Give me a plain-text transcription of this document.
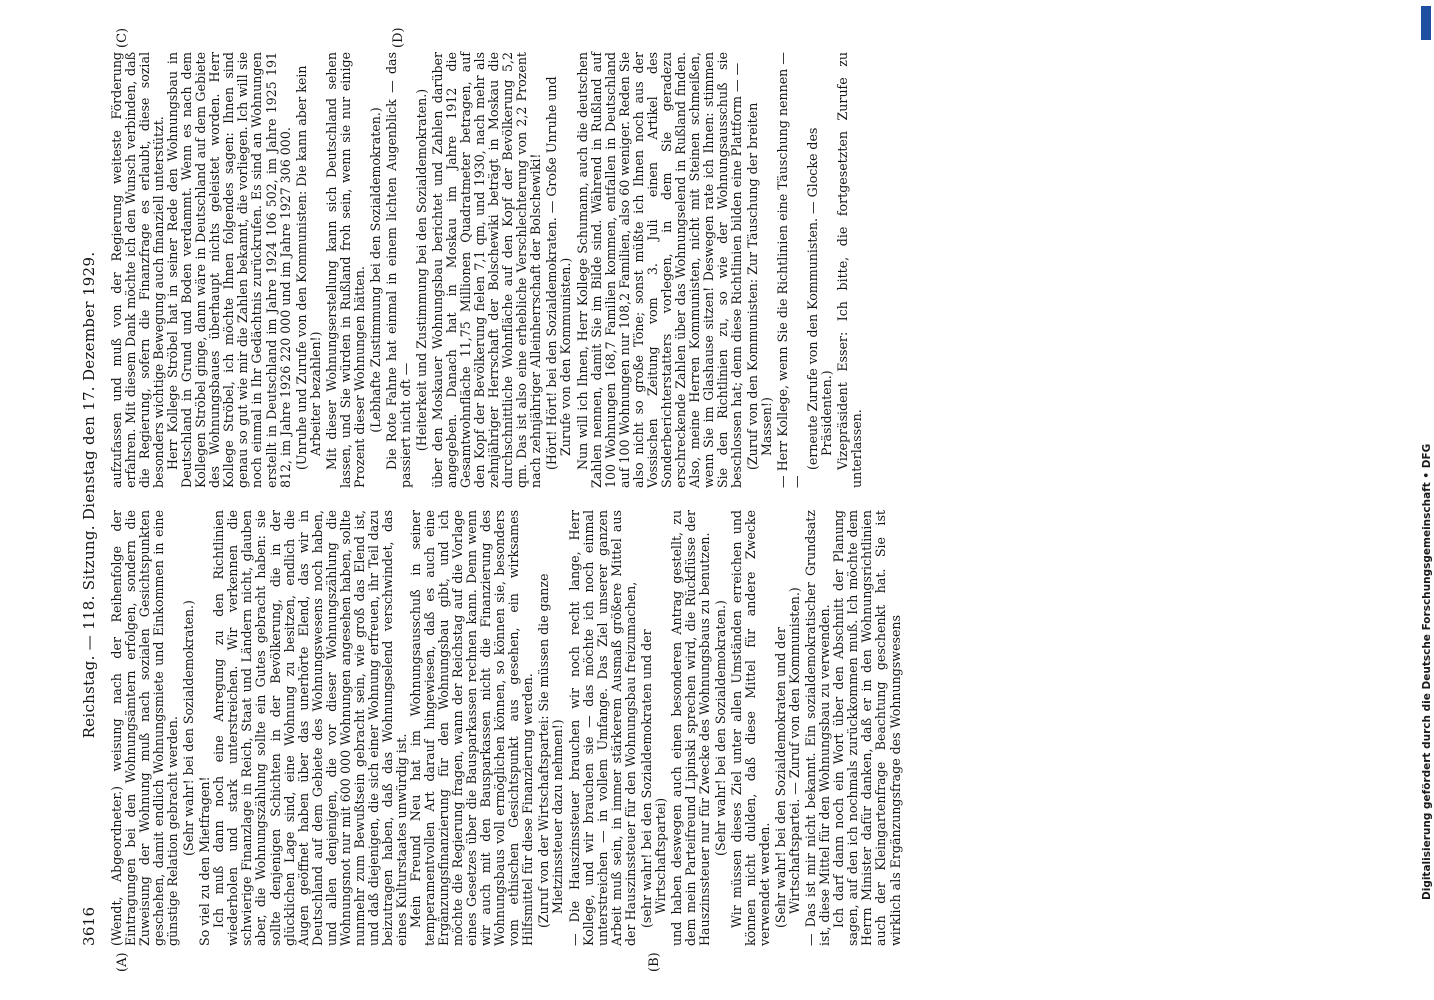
3616
Reichstag. — 118. Sitzung. Dienstag den 17. Dezember 1929.
(A)	(B)

(Wendt, Abgeordneter.) weisung nach der Reihenfolge der Eintragungen bei den Wohnungsämtern erfolgen, sondern die Zuweisung der Wohnung muß nach sozialen Gesichtspunkten geschehen, damit endlich Wohnungsmiete und Einkommen in eine günstige Relation gebracht werden. (Sehr wahr! bei den Sozialdemokraten.)

So viel zu den Mietfragen! Ich muß dann noch eine Anregung zu den Richtlinien wiederholen und stark unterstreichen. Wir verkennen die schwierige Finanzlage in Reich, Staat und Ländern nicht, glauben aber, die Wohnungszählung sollte ein Gutes gebracht haben: sie sollte denjenigen Schichten in der Bevölkerung, die in der glücklichen Lage sind, eine Wohnung zu besitzen, endlich die Augen geöffnet haben über das unerhörte Elend, das wir in Deutschland auf dem Gebiete des Wohnungswesens noch haben, und allen denjenigen, die vor dieser Wohnungszählung die Wohnungsnot nur mit 600 000 Wohnungen angesehen haben, sollte nunmehr zum Bewußtsein gebracht sein, wie groß das Elend ist, und daß diejenigen, die sich einer Wohnung erfreuen, ihr Teil dazu beizutragen haben, daß das Wohnungselend verschwindet, das eines Kulturstaates unwürdig ist. Mein Freund Neu hat im Wohnungsausschuß in seiner temperamentvollen Art darauf hingewiesen, daß es auch eine Ergänzungsfinanzierung für den Wohnungsbau gibt, und ich möchte die Regierung fragen, wann der Reichstag auf die Vorlage eines Gesetzes über die Bausparkassen rechnen kann. Denn wenn wir auch mit den Bausparkassen nicht die Finanzierung des Wohnungsbaus voll ermöglichen können, so können sie, besonders vom ethischen Gesichtspunkt aus gesehen, ein wirksames Hilfsmittel für diese Finanzierung werden. (Zuruf von der Wirtschaftspartei: Sie müssen die ganze Mietzinssteuer dazu nehmen!) — Die Hauszinssteuer brauchen wir noch recht lange, Herr Kollege, und wir brauchen sie — das möchte ich noch einmal unterstreichen — in vollem Umfange. Das Ziel unserer ganzen Arbeit muß sein, in immer stärkerem Ausmaß größere Mittel aus der Hauszinssteuer für den Wohnungsbau freizumachen, (sehr wahr! bei den Sozialdemokraten und der Wirtschaftspartei) und haben deswegen auch einen besonderen Antrag gestellt, zu dem mein Parteifreund Lipinski sprechen wird, die Rückflüsse der Hauszinssteuer nur für Zwecke des Wohnungsbaus zu benutzen. (Sehr wahr! bei den Sozialdemokraten.) Wir müssen dieses Ziel unter allen Umständen erreichen und können nicht dulden, daß diese Mittel für andere Zwecke verwendet werden. (Sehr wahr! bei den Sozialdemokraten und der Wirtschaftspartei. — Zuruf von den Kommunisten.) — Das ist mir nicht bekannt. Ein sozialdemokratischer Grundsatz ist, diese Mittel für den Wohnungsbau zu verwenden. Ich darf dann noch ein Wort über den Abschnitt der Planung sagen, auf den ich nochmals zurückkommen muß. Ich möchte dem Herrn Minister dafür danken, daß er in den Wohnungsrichtlinien auch der Kleingartenfrage Beachtung geschenkt hat. Sie ist wirklich als Ergänzungsfrage des Wohnungswesens

(C)	(D)

aufzufassen und muß von der Regierung weitestе Förderung erfahren. Mit diesem Dank möchte ich den Wunsch verbinden, daß die Regierung, sofern die Finanzfrage es erlaubt, diese sozial besonders wichtige Bewegung auch finanziell unterstützt. Herr Kollege Ströbel hat in seiner Rede den Wohnungsbau in Deutschland in Grund und Boden verdammt. Wenn es nach dem Kollegen Ströbel ginge, dann wäre in Deutschland auf dem Gebiete des Wohnungsbaues überhaupt nichts geleistet worden. Herr Kollege Ströbel, ich möchte Ihnen folgendes sagen: Ihnen sind genau so gut wie mir die Zahlen bekannt, die vorliegen. Ich will sie noch einmal in Ihr Gedächtnis zurückrufen. Es sind an Wohnungen erstellt in Deutschland im Jahre 1924 106 502, im Jahre 1925 191 812, im Jahre 1926 220 000 und im Jahre 1927 306 000. (Unruhe und Zurufe von den Kommunisten: Die kann aber kein Arbeiter bezahlen!) Mit dieser Wohnungserstellung kann sich Deutschland sehen lassen, und Sie würden in Rußland froh sein, wenn sie nur einige Prozent dieser Wohnungen hätten. (Lebhafte Zustimmung bei den Sozialdemokraten.) Die Rote Fahne hat einmal in einem lichten Augenblick — das passiert nicht oft — (Heiterkeit und Zustimmung bei den Sozialdemokraten.) über den Moskauer Wohnungsbau berichtet und Zahlen darüber angegeben. Danach hat in Moskau im Jahre 1912 die Gesamtwohnfläche 11,75 Millionen Quadratmeter betragen, auf den Kopf der Bevölkerung fielen 7,1 qm, und 1930, nach mehr als zehnjähriger Herrschaft der Bolschewiki beträgt in Moskau die durchschnittliche Wohnfläche auf den Kopf der Bevölkerung 5,2 qm. Das ist also eine erhebliche Verschlechterung von 2,2 Prozent nach zehnjähriger Alleinherrschaft der Bolschewiki! (Hört! Hört! bei den Sozialdemokraten. — Große Unruhe und Zurufe von den Kommunisten.) Nun will ich Ihnen, Herr Kollege Schumann, auch die deutschen Zahlen nennen, damit Sie im Bilde sind. Während in Rußland auf 100 Wohnungen 168,7 Familien kommen, entfallen in Deutschland auf 100 Wohnungen nur 108,2 Familien, also 60 weniger. Reden Sie also nicht so große Töne; sonst müßte ich Ihnen noch aus der Vossischen Zeitung vom 3. Juli einen Artikel des Sonderberichterstatters vorlegen, in dem Sie geradezu erschreckende Zahlen über das Wohnungselend in Rußland finden. Also, meine Herren Kommunisten, nicht mit Steinen schmeißen, wenn Sie im Glashause sitzen! Deswegen rate ich Ihnen: stimmen Sie den Richtlinien zu, so wie der Wohnungsausschuß sie beschlossen hat; denn diese Richtlinien bilden eine Plattform — — (Zuruf von den Kommunisten: Zur Täuschung der breiten Massen!) — Herr Kollege, wenn Sie die Richtlinien eine Täuschung nennen — —

(erneute Zurufe von den Kommunisten. — Glocke des Präsidenten.) Vizepräsident Esser: Ich bitte, die fortgesetzten Zurufe zu unterlassen.	Digitalisierung gefördert durch die Deutsche Forschungsgemeinschaft • DFG
